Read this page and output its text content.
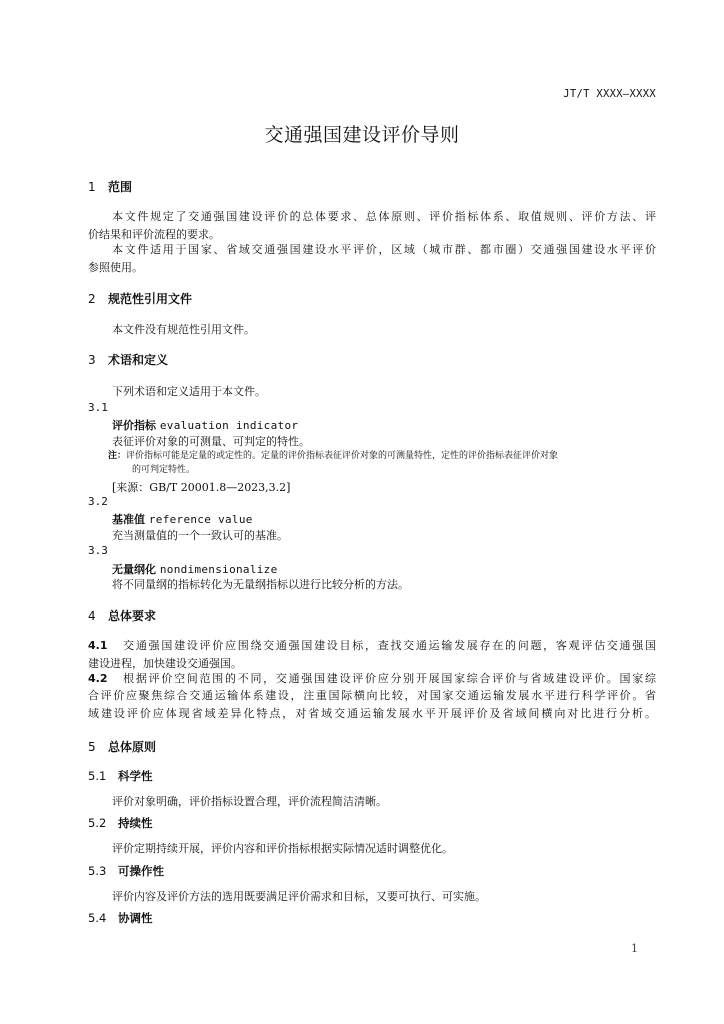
JT/T XXXX—XXXX
交通强国建设评价导则
1 范围
本文件规定了交通强国建设评价的总体要求、总体原则、评价指标体系、取值规则、评价方法、评
价结果和评价流程的要求。
本文件适用于国家、省域交通强国建设水平评价，区域（城市群、都市圈）交通强国建设水平评价
参照使用。
2 规范性引用文件
本文件没有规范性引用文件。
3 术语和定义
下列术语和定义适用于本文件。
3.1
评价指标 evaluation indicator
表征评价对象的可测量、可判定的特性。
注：评价指标可能是定量的或定性的。定量的评价指标表征评价对象的可测量特性，定性的评价指标表征评价对象
的可判定特性。
[来源：GB/T 20001.8—2023,3.2]
3.2
基准值 reference value
充当测量值的一个一致认可的基准。
3.3
无量纲化 nondimensionalize
将不同量纲的指标转化为无量纲指标以进行比较分析的方法。
4 总体要求
4.1 交通强国建设评价应围绕交通强国建设目标，查找交通运输发展存在的问题，客观评估交通强国
建设进程，加快建设交通强国。
4.2 根据评价空间范围的不同，交通强国建设评价应分别开展国家综合评价与省域建设评价。国家综
合评价应聚焦综合交通运输体系建设，注重国际横向比较，对国家交通运输发展水平进行科学评价。省
域建设评价应体现省域差异化特点，对省域交通运输发展水平开展评价及省域间横向对比进行分析。
5 总体原则
5.1 科学性
评价对象明确，评价指标设置合理，评价流程简洁清晰。
5.2 持续性
评价定期持续开展，评价内容和评价指标根据实际情况适时调整优化。
5.3 可操作性
评价内容及评价方法的选用既要满足评价需求和目标，又要可执行、可实施。
5.4 协调性
1
